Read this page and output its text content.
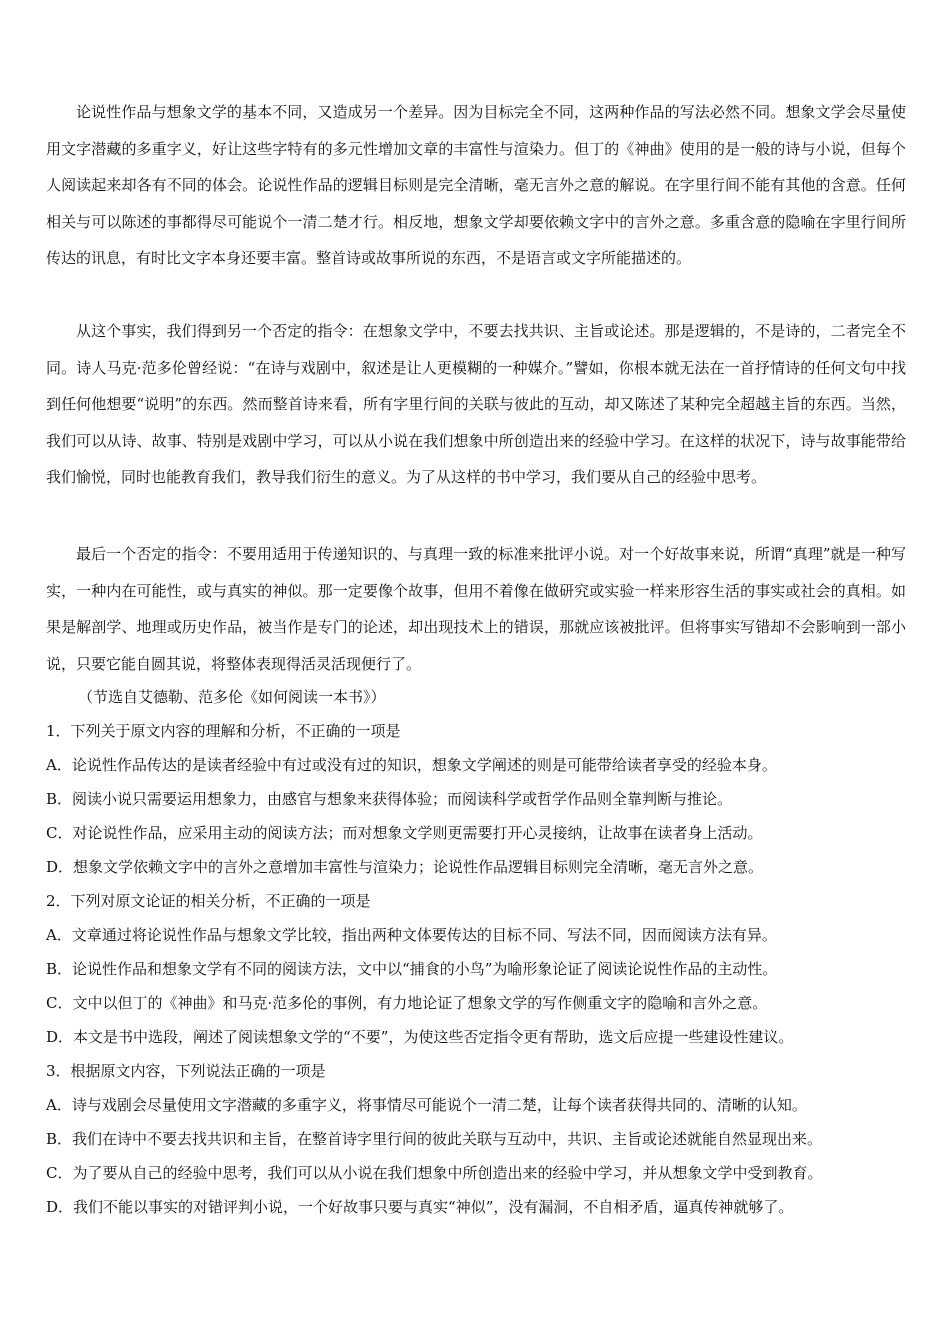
论说性作品与想象文学的基本不同，又造成另一个差异。因为目标完全不同，这两种作品的写法必然不同。想象文学会尽量使用文字潜藏的多重字义，好让这些字特有的多元性增加文章的丰富性与渲染力。但丁的《神曲》使用的是一般的诗与小说，但每个人阅读起来却各有不同的体会。论说性作品的逻辑目标则是完全清晰，毫无言外之意的解说。在字里行间不能有其他的含意。任何相关与可以陈述的事都得尽可能说个一清二楚才行。相反地，想象文学却要依赖文字中的言外之意。多重含意的隐喻在字里行间所传达的讯息，有时比文字本身还要丰富。整首诗或故事所说的东西，不是语言或文字所能描述的。

从这个事实，我们得到另一个否定的指令：在想象文学中，不要去找共识、主旨或论述。那是逻辑的，不是诗的，二者完全不同。诗人马克·范多伦曾经说：“在诗与戏剧中，叙述是让人更模糊的一种媒介。”譬如，你根本就无法在一首抒情诗的任何文句中找到任何他想要“说明”的东西。然而整首诗来看，所有字里行间的关联与彼此的互动，却又陈述了某种完全超越主旨的东西。当然，我们可以从诗、故事、特别是戏剧中学习，可以从小说在我们想象中所创造出来的经验中学习。在这样的状况下，诗与故事能带给我们愉悦，同时也能教育我们，教导我们衍生的意义。为了从这样的书中学习，我们要从自己的经验中思考。

最后一个否定的指令：不要用适用于传递知识的、与真理一致的标准来批评小说。对一个好故事来说，所谓“真理”就是一种写实，一种内在可能性，或与真实的神似。那一定要像个故事，但用不着像在做研究或实验一样来形容生活的事实或社会的真相。如果是解剖学、地理或历史作品，被当作是专门的论述，却出现技术上的错误，那就应该被批评。但将事实写错却不会影响到一部小说，只要它能自圆其说，将整体表现得活灵活现便行了。

（节选自艾德勒、范多伦《如何阅读一本书》）

1．下列关于原文内容的理解和分析，不正确的一项是

A．论说性作品传达的是读者经验中有过或没有过的知识，想象文学阐述的则是可能带给读者享受的经验本身。

B．阅读小说只需要运用想象力，由感官与想象来获得体验；而阅读科学或哲学作品则全靠判断与推论。

C．对论说性作品，应采用主动的阅读方法；而对想象文学则更需要打开心灵接纳，让故事在读者身上活动。

D．想象文学依赖文字中的言外之意增加丰富性与渲染力；论说性作品逻辑目标则完全清晰，毫无言外之意。

2．下列对原文论证的相关分析，不正确的一项是

A．文章通过将论说性作品与想象文学比较，指出两种文体要传达的目标不同、写法不同，因而阅读方法有异。

B．论说性作品和想象文学有不同的阅读方法，文中以“捕食的小鸟”为喻形象论证了阅读论说性作品的主动性。

C．文中以但丁的《神曲》和马克·范多伦的事例，有力地论证了想象文学的写作侧重文字的隐喻和言外之意。

D．本文是书中选段，阐述了阅读想象文学的“不要”，为使这些否定指令更有帮助，选文后应提一些建设性建议。

3．根据原文内容，下列说法正确的一项是

A．诗与戏剧会尽量使用文字潜藏的多重字义，将事情尽可能说个一清二楚，让每个读者获得共同的、清晰的认知。

B．我们在诗中不要去找共识和主旨，在整首诗字里行间的彼此关联与互动中，共识、主旨或论述就能自然显现出来。

C．为了要从自己的经验中思考，我们可以从小说在我们想象中所创造出来的经验中学习，并从想象文学中受到教育。

D．我们不能以事实的对错评判小说，一个好故事只要与真实“神似”，没有漏洞，不自相矛盾，逼真传神就够了。
